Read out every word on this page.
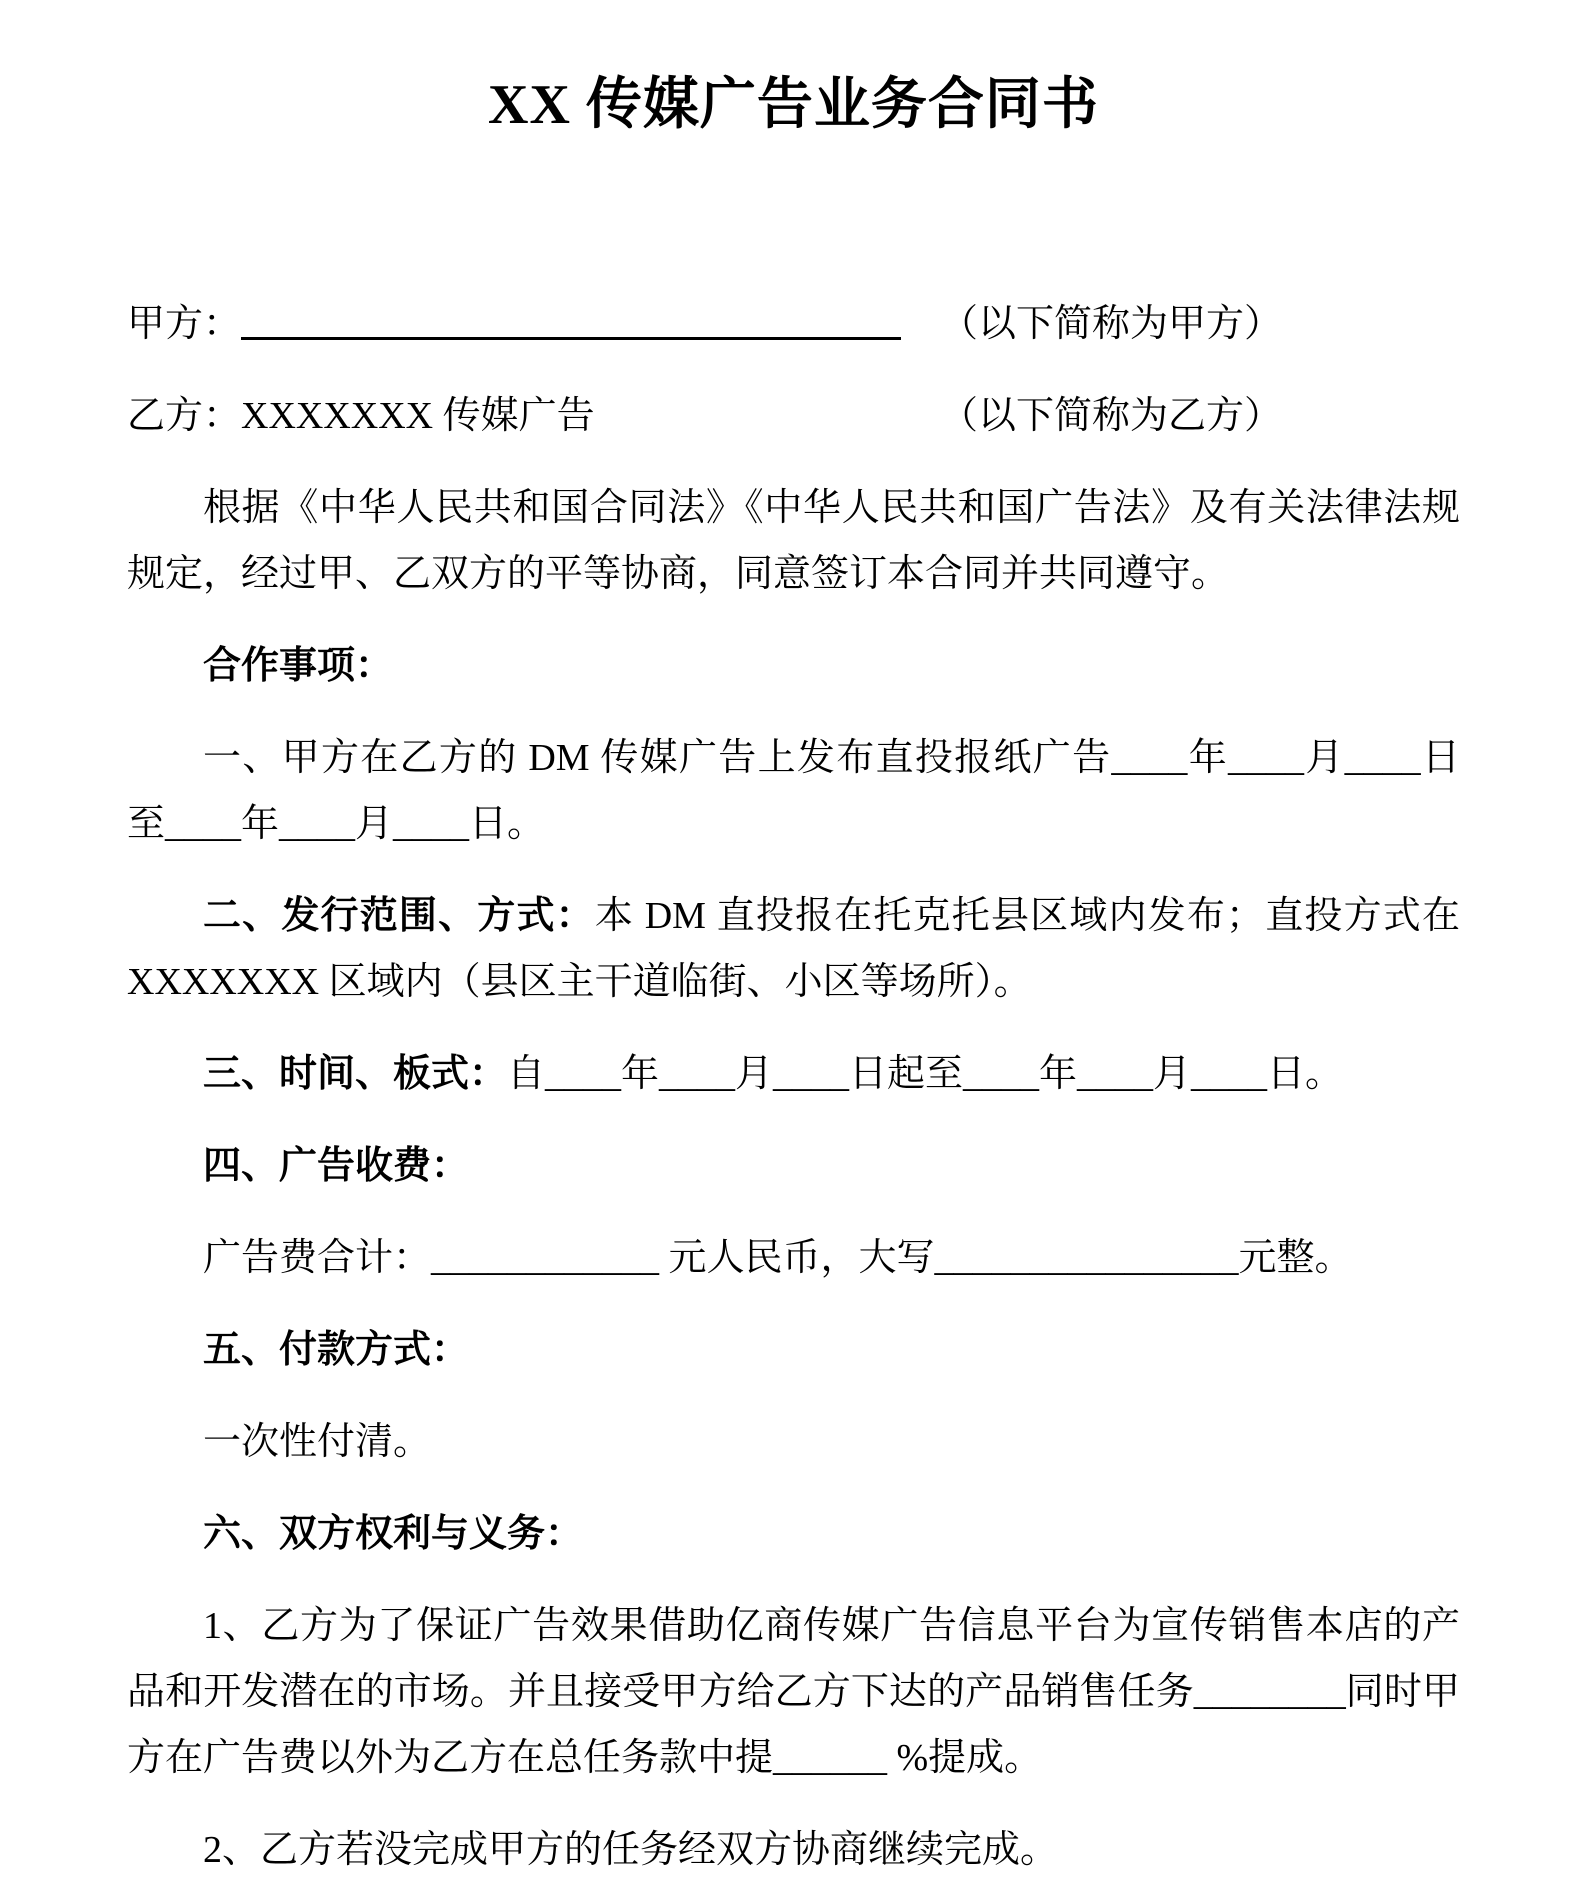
XX 传媒广告业务合同书
甲方：	（以下简称为甲方）
乙方：XXXXXXX 传媒广告	（以下简称为乙方）

根据《中华人民共和国合同法》《中华人民共和国广告法》及有关法律法规规定，经过甲、乙双方的平等协商，同意签订本合同并共同遵守。

合作事项：

一、甲方在乙方的 DM 传媒广告上发布直投报纸广告____年____月____日至____年____月____日。

二、发行范围、方式：本 DM 直投报在托克托县区域内发布；直投方式在 XXXXXXX 区域内（县区主干道临街、小区等场所）。

三、时间、板式：自____年____月____日起至____年____月____日。

四、广告收费：

广告费合计：____________ 元人民币，大写________________元整。

五、付款方式：

一次性付清。

六、双方权利与义务：

1、乙方为了保证广告效果借助亿商传媒广告信息平台为宣传销售本店的产品和开发潜在的市场。并且接受甲方给乙方下达的产品销售任务________同时甲方在广告费以外为乙方在总任务款中提______ %提成。

2、乙方若没完成甲方的任务经双方协商继续完成。
